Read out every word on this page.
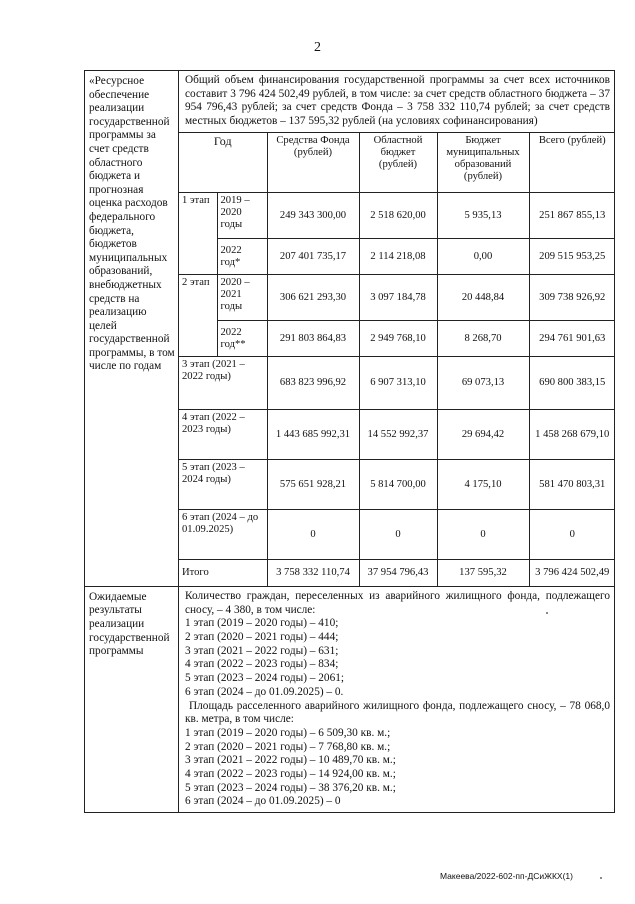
2
«Ресурсное обеспечение реализации государственной программы за счет средств областного бюджета и прогнозная оценка расходов федерального бюджета, бюджетов муниципальных образований, внебюджетных средств на реализацию целей государственной программы, в том числе по годам	
Общий объем финансирования государственной программы за счет всех источников составит 3 796 424 502,49 рублей, в том числе: за счет средств областного бюджета – 37 954 796,43 рублей; за счет средств Фонда – 3 758 332 110,74 рублей; за счет средств местных бюджетов – 137 595,32 рублей (на условиях софинансирования)
Год	Средства Фонда (рублей)	Областной бюджет (рублей)	Бюджет муниципальных образований (рублей)	Всего (рублей)
1 этап	2019 – 2020 годы	249 343 300,00	2 518 620,00	5 935,13	251 867 855,13
2022 год*	207 401 735,17	2 114 218,08	0,00	209 515 953,25
2 этап	2020 – 2021 годы	306 621 293,30	3 097 184,78	20 448,84	309 738 926,92
2022 год**	291 803 864,83	2 949 768,10	8 268,70	294 761 901,63
3 этап (2021 – 2022 годы)	683 823 996,92	6 907 313,10	69 073,13	690 800 383,15
4 этап (2022 – 2023 годы)	1 443 685 992,31	14 552 992,37	29 694,42	1 458 268 679,10
5 этап (2023 – 2024 годы)	575 651 928,21	5 814 700,00	4 175,10	581 470 803,31
6 этап (2024 – до 01.09.2025)	0	0	0	0
Итого	3 758 332 110,74	37 954 796,43	137 595,32	3 796 424 502,49

Ожидаемые результаты реализации государственной программы	
Количество граждан, переселенных из аварийного жилищного фонда, подлежащего сносу, – 4 380, в том числе:
1 этап (2019 – 2020 годы) – 410;
2 этап (2020 – 2021 годы) – 444;
3 этап (2021 – 2022 годы) – 631;
4 этап (2022 – 2023 годы) – 834;
5 этап (2023 – 2024 годы) – 2061;
6 этап (2024 – до 01.09.2025) – 0.
Площадь расселенного аварийного жилищного фонда, подлежащего сносу, – 78 068,0 кв. метра, в том числе:
1 этап (2019 – 2020 годы) – 6 509,30 кв. м.;
2 этап (2020 – 2021 годы) – 7 768,80 кв. м.;
3 этап (2021 – 2022 годы) – 10 489,70 кв. м.;
4 этап (2022 – 2023 годы) – 14 924,00 кв. м.;
5 этап (2023 – 2024 годы) – 38 376,20 кв. м.;
6 этап (2024 – до 01.09.2025) – 0
Макеева/2022-602-пп-ДСиЖКХ(1)
